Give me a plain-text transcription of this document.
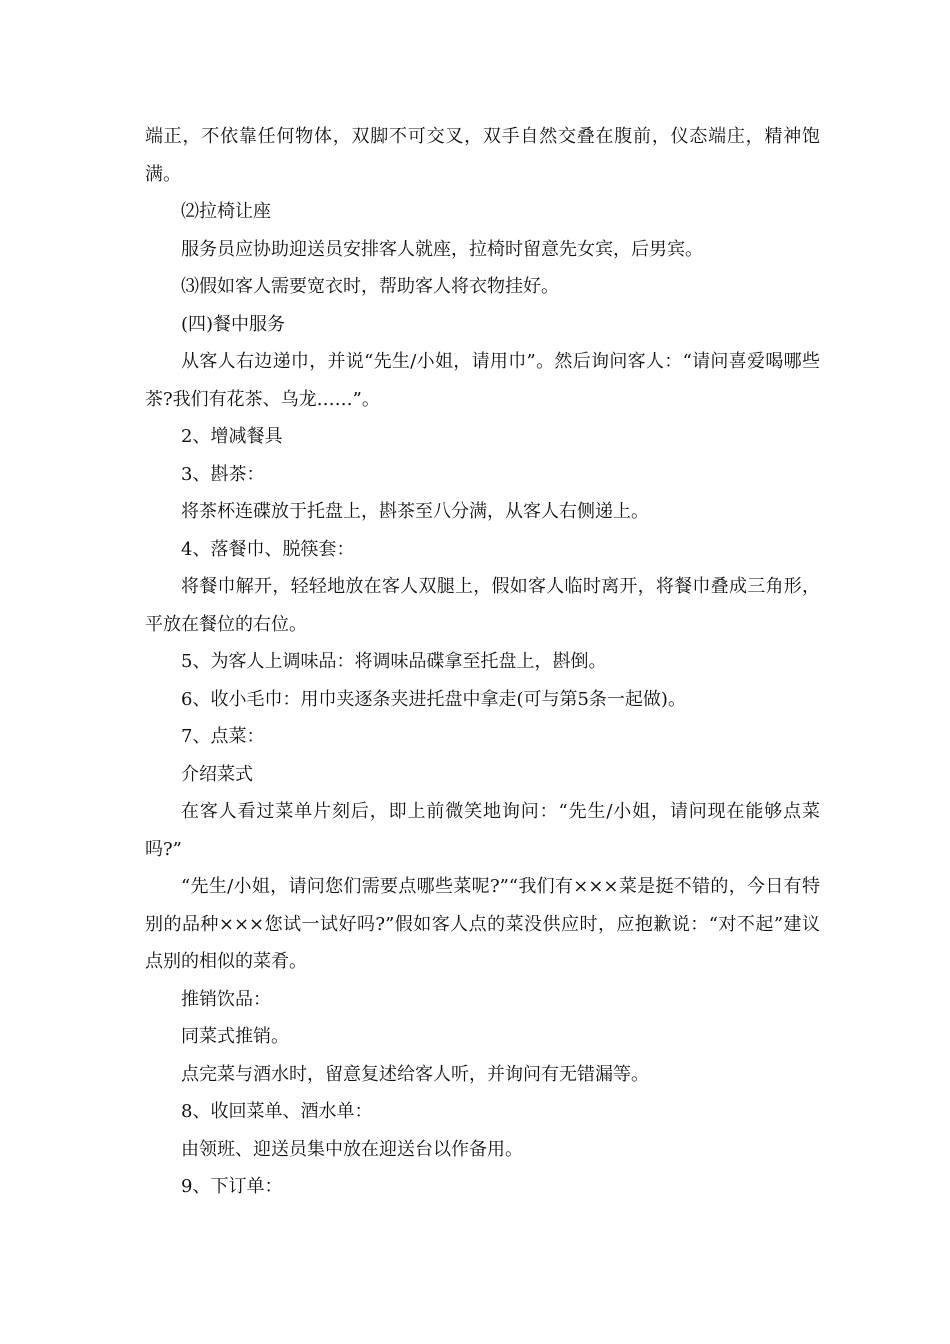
端正，不依靠任何物体，双脚不可交叉，双手自然交叠在腹前，仪态端庄，精神饱满。

⑵拉椅让座

服务员应协助迎送员安排客人就座，拉椅时留意先女宾，后男宾。

⑶假如客人需要宽衣时，帮助客人将衣物挂好。

(四)餐中服务

从客人右边递巾，并说“先生/小姐，请用巾”。然后询问客人：“请问喜爱喝哪些茶?我们有花茶、乌龙……”。

2、增减餐具

3、斟茶：

将茶杯连碟放于托盘上，斟茶至八分满，从客人右侧递上。

4、落餐巾、脱筷套：

将餐巾解开，轻轻地放在客人双腿上，假如客人临时离开，将餐巾叠成三角形，平放在餐位的右位。

5、为客人上调味品：将调味品碟拿至托盘上，斟倒。

6、收小毛巾：用巾夹逐条夹进托盘中拿走(可与第5条一起做)。

7、点菜：

介绍菜式

在客人看过菜单片刻后，即上前微笑地询问：“先生/小姐，请问现在能够点菜吗?”

“先生/小姐，请问您们需要点哪些菜呢?”“我们有×××菜是挺不错的，今日有特别的品种×××您试一试好吗?”假如客人点的菜没供应时，应抱歉说：“对不起”建议点别的相似的菜肴。

推销饮品：

同菜式推销。

点完菜与酒水时，留意复述给客人听，并询问有无错漏等。

8、收回菜单、酒水单：

由领班、迎送员集中放在迎送台以作备用。

9、下订单：
